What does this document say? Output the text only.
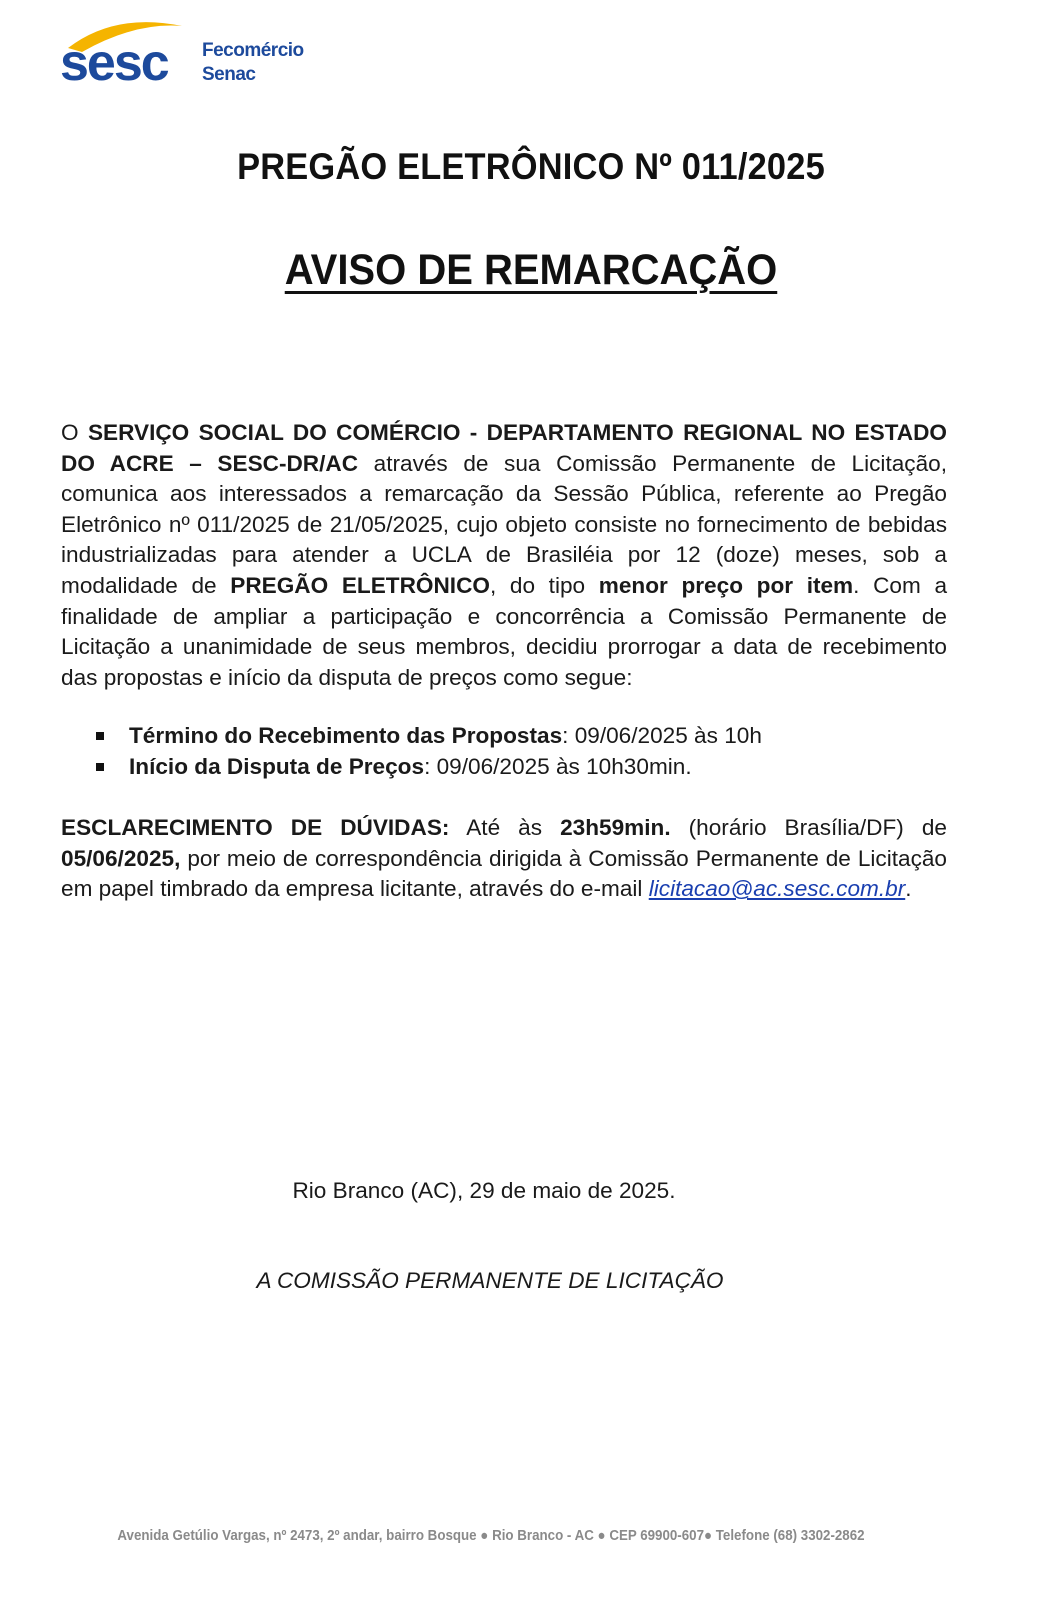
sesc Fecomércio
Senac
PREGÃO ELETRÔNICO Nº 011/2025
AVISO DE REMARCAÇÃO
O SERVIÇO SOCIAL DO COMÉRCIO - DEPARTAMENTO REGIONAL NO ESTADO DO ACRE – SESC-DR/AC através de sua Comissão Permanente de Licitação, comunica aos interessados a remarcação da Sessão Pública, referente ao Pregão Eletrônico nº 011/2025 de 21/05/2025, cujo objeto consiste no fornecimento de bebidas industrializadas para atender a UCLA de Brasiléia por 12 (doze) meses, sob a modalidade de PREGÃO ELETRÔNICO, do tipo menor preço por item. Com a finalidade de ampliar a participação e concorrência a Comissão Permanente de Licitação a unanimidade de seus membros, decidiu prorrogar a data de recebimento das propostas e início da disputa de preços como segue:
Término do Recebimento das Propostas: 09/06/2025 às 10h
Início da Disputa de Preços: 09/06/2025 às 10h30min.
ESCLARECIMENTO DE DÚVIDAS: Até às 23h59min. (horário Brasília/DF) de 05/06/2025, por meio de correspondência dirigida à Comissão Permanente de Licitação em papel timbrado da empresa licitante, através do e-mail licitacao@ac.sesc.com.br.
Rio Branco (AC), 29 de maio de 2025.
A COMISSÃO PERMANENTE DE LICITAÇÃO
Avenida Getúlio Vargas, nº 2473, 2º andar, bairro Bosque ● Rio Branco - AC ● CEP 69900-607● Telefone (68) 3302-2862
